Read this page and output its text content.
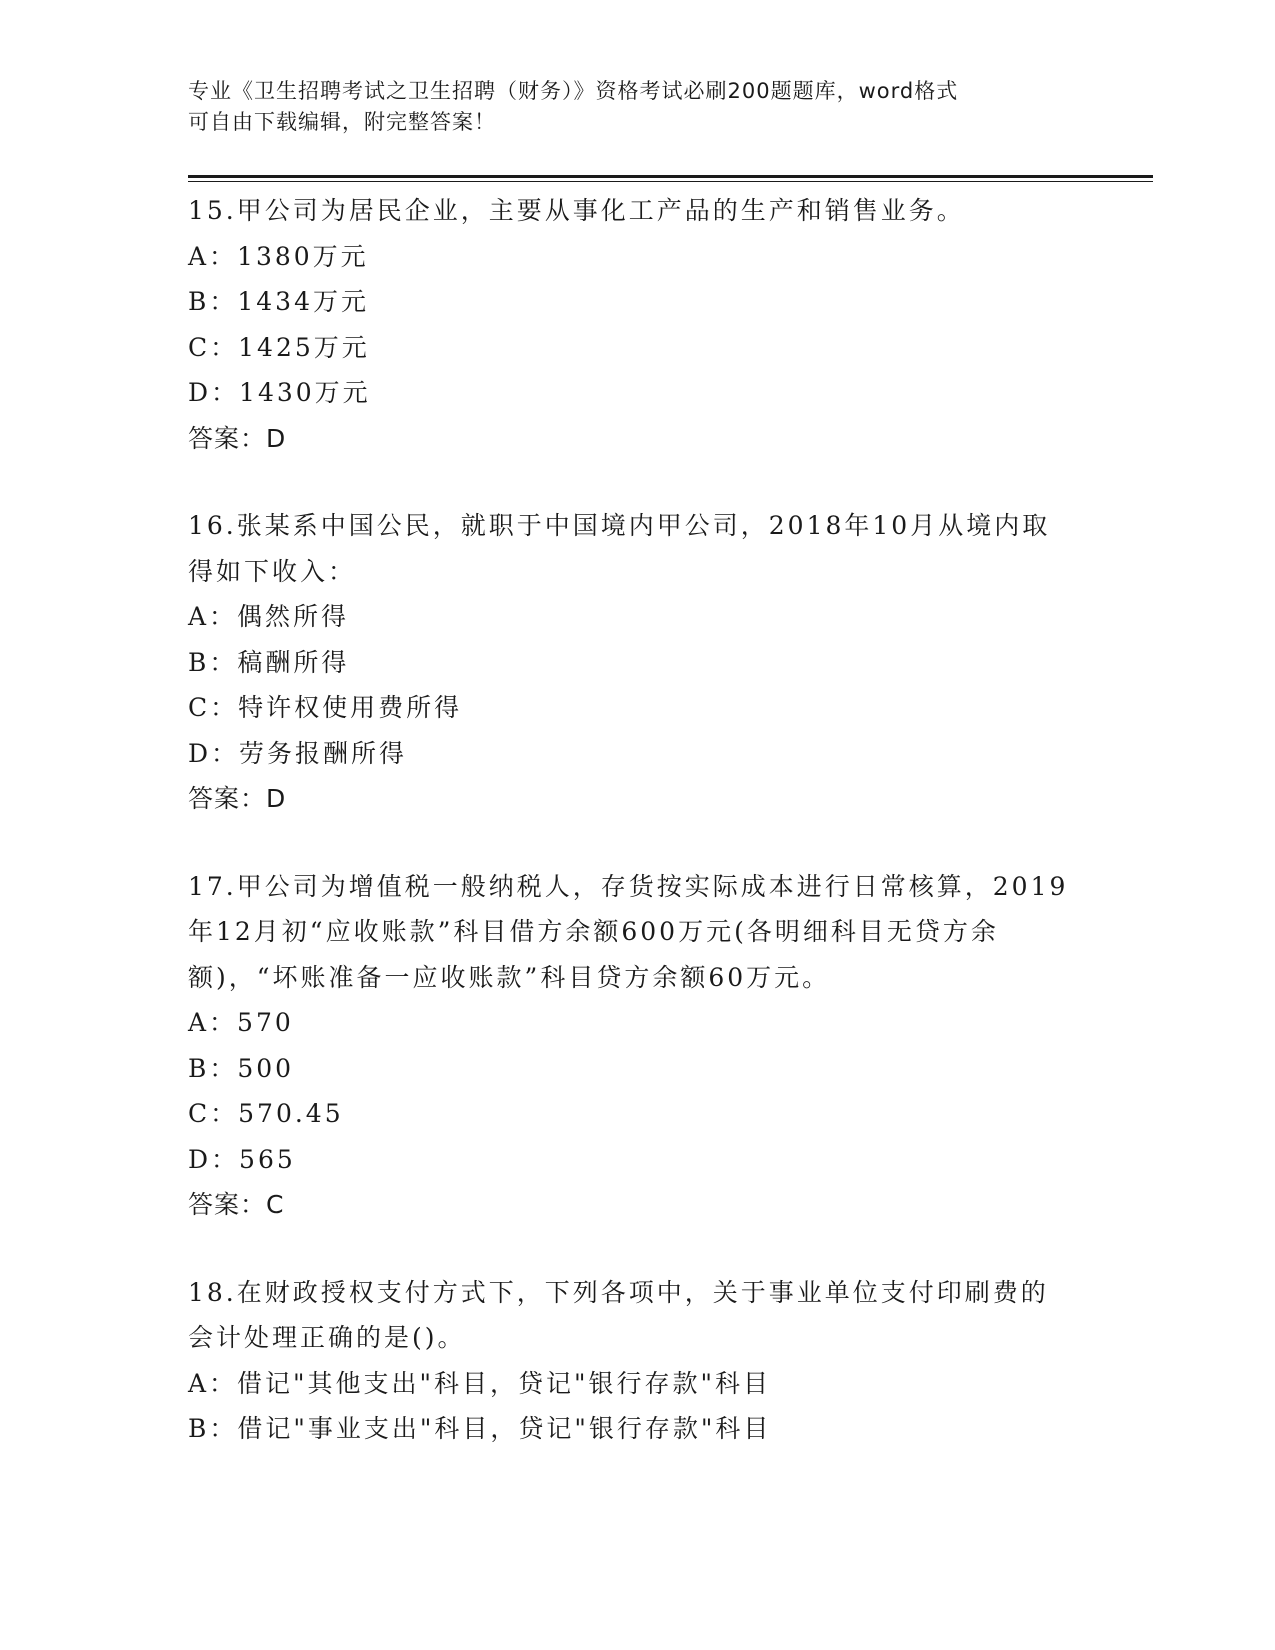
专业《卫生招聘考试之卫生招聘（财务）》资格考试必刷200题题库，word格式

可自由下载编辑，附完整答案！

15.甲公司为居民企业，主要从事化工产品的生产和销售业务。

A：1380万元

B：1434万元

C：1425万元

D：1430万元

答案：D

16.张某系中国公民，就职于中国境内甲公司，2018年10月从境内取

得如下收入：

A：偶然所得

B：稿酬所得

C：特许权使用费所得

D：劳务报酬所得

答案：D

17.甲公司为增值税一般纳税人，存货按实际成本进行日常核算，2019

年12月初“应收账款”科目借方余额600万元(各明细科目无贷方余

额)，“坏账准备一应收账款”科目贷方余额60万元。

A：570

B：500

C：570.45

D：565

答案：C

18.在财政授权支付方式下，下列各项中，关于事业单位支付印刷费的

会计处理正确的是()。

A：借记"其他支出"科目，贷记"银行存款"科目

B：借记"事业支出"科目，贷记"银行存款"科目
